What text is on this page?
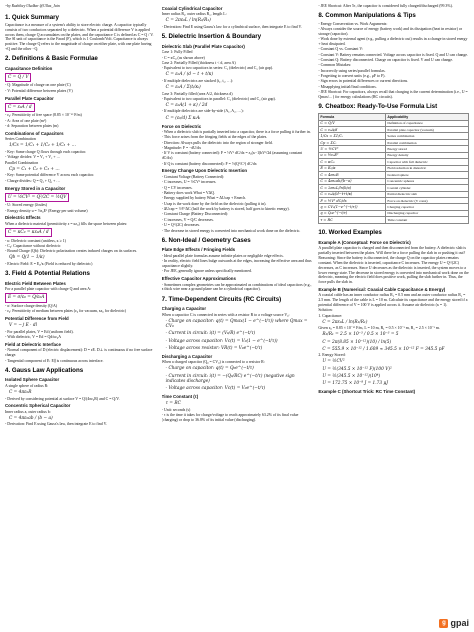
~by Rushikey Ukalkar @Ullas_Jain
1. Quick Summary
Capacitance is a measure of a system's ability to store electric charge. A capacitor typically consists of two conductors separated by a dielectric. When a potential difference V is applied across them, charge Q accumulates on the plates, and the capacitance C is defined as C = Q / V. The SI unit of capacitance is the Farad (F), which is 1 Coulomb/Volt. Capacitance is always positive. The charge Q refers to the magnitude of charge on either plate, with one plate having +Q and the other −Q.
2. Definitions & Basic Formulae
Capacitance Definition
C = Q / V
- Q: Magnitude of charge on one plate (C)
- V: Potential difference between plates (V)
Parallel Plate Capacitor
C = ε₀A / d
- ε₀: Permittivity of free space (8.85 × 10⁻¹² F/m)
- A: Area of one plate (m²)
- d: Separation between plates (m)
Combinations of Capacitors
Series Combination
1/Cs = 1/C₁ + 1/C₂ + 1/C₃ + …
- Key: Same charge Q flows through each capacitor.
- Voltage divides: V = V₁ + V₂ + …
Parallel Combination
Cp = C₁ + C₂ + C₃ + …
- Key: Same potential difference V across each capacitor.
- Charge divides: Q = Q₁ + Q₂ + …
Energy Stored in a Capacitor
U = ½CV² = Q²/2C = ½QV
- U: Stored energy (Joules)
- Energy density u = ½ε₀E² (Energy per unit volume)
Dielectric Effects
When a dielectric material (permittivity ε = κε₀) fills the space between plates:
C = κC₀ = κε₀A / d
- κ: Dielectric constant (unitless, κ ≥ 1)
- C₀: Capacitance without dielectric
- Bound Charge (Qb): Dielectric polarization creates induced charges on its surfaces.
Qb = Q(1 − 1/κ)
- Electric Field: E = E₀/κ (Field is reduced by dielectric)
3. Field & Potential Relations
Electric Field Between Plates
For a parallel plate capacitor with charge Q and area A:
E = σ/ε₀ = Q/ε₀A
- σ: Surface charge density (Q/A)
- ε₀: Permittivity of medium between plates (ε₀ for vacuum, κε₀ for dielectric)
Potential Difference from Field
V = −∫ E · dl
- For parallel plates, V = Ed (uniform field).
- With dielectric, V = Ed = Qd/κε₀A
Field at Dielectric Interface
- Normal component of D (electric displacement): D = εE. D⊥ is continuous if no free surface charge.
- Tangential component of E: E∥ is continuous across interface.
4. Gauss Law Applications
Isolated Sphere Capacitor
A single sphere of radius R:
C = 4πε₀R
- Derived by considering potential at surface V = Q/(4πε₀R) and C = Q/V.
Concentric Spherical Capacitor
Inner radius a, outer radius b:
C = 4πε₀ab / (b − a)
- Derivation: Find E using Gauss's law, then integrate E to find V.
Coaxial Cylindrical Capacitor
Inner radius R₁, outer radius R₂, length L:
C = 2πε₀L / ln(R₂/R₁)
- Derivation: Find E using Gauss's law for a cylindrical surface, then integrate E to find V.
5. Dielectric Insertion & Boundary
Dielectric Slab (Parallel Plate Capacitor)
Case 1: Fully Filled
- C = κC₀ (as shown above)
Case 2: Partially Filled (thickness t < d, area A)
- Equivalent to two capacitors in series: C₁ (dielectric) and C₂ (air gap).
C = ε₀A / (d − t + t/κ)
- If multiple dielectrics are stacked (t₁, t₂, …):
C = ε₀A / Σ(tᵢ/κᵢ)
Case 3: Partially filled (area A/2, thickness d)
- Equivalent to two capacitors in parallel: C₁ (dielectric) and C₂ (air gap).
C = ε₀A(1 + κ) / 2d
- If multiple dielectrics are side-by-side (A₁, A₂, …):
C = (ε₀/d) Σ κᵢAᵢ
Force on Dielectric
- When a dielectric slab is partially inserted into a capacitor, there is a force pulling it further in.
- This force arises from the fringing fields at the edges of the plates.
- Direction: Always pulls the dielectric into the region of stronger field.
- Magnitude: F = −dU/dx
- If V is constant (battery connected): F = ½V² dC/dx = ε₀(κ−1)bV²/2d (assuming constant dC/dx)
- If Q is constant (battery disconnected): F = ½(Q²/C²) dC/dx
Energy Change Upon Dielectric Insertion
- Constant Voltage (Battery Connected):
- C increases, U = ½CV² increases.
- Q = CV increases.
- Battery does work Wbat = VΔQ.
- Energy supplied by battery Wbat = ΔUcap + Emech.
- Ucap is the work done by the field on the dielectric (pulling it in).
- ΔUcap = ½V²ΔC (half the work by battery is stored, half goes to kinetic energy).
- Constant Charge (Battery Disconnected):
- C increases, V = Q/C decreases.
- U = Q²/(2C) decreases.
- The decrease in stored energy is converted into mechanical work done on the dielectric.
6. Non-Ideal / Geometry Cases
Plate Edge Effects / Fringing Fields
- Ideal parallel plate formulas assume infinite plates or negligible edge effects.
- In reality, electric field lines bulge outwards at the edges, increasing the effective area and thus capacitance slightly.
- For JEE, generally ignore unless specifically mentioned.
Effective Capacitor Approximations
- Sometimes complex geometries can be approximated as combinations of ideal capacitors (e.g., a thick wire near a ground plane can be a cylindrical capacitor).
7. Time-Dependent Circuits (RC Circuits)
Charging a Capacitor
When a capacitor C is connected in series with a resistor R to a voltage source V₀:
- Charge on capacitor: q(t) = Qmax(1 − e^(−t/τ)) where Qmax = CV₀
- Current in circuit: i(t) = (V₀/R) e^(−t/τ)
- Voltage across capacitor: Vc(t) = V₀(1 − e^(−t/τ))
- Voltage across resistor: VR(t) = V₀e^(−t/τ)
Discharging a Capacitor
When a charged capacitor (Q₀ = CV₀) is connected to a resistor R:
- Charge on capacitor: q(t) = Q₀e^(−t/τ)
- Current in circuit: i(t) = −(Q₀/RC) e^(−t/τ) (negative sign indicates discharge)
- Voltage across capacitor: Vc(t) = V₀e^(−t/τ)
Time Constant (τ)
τ = RC
- Unit: seconds (s)
- τ is the time it takes for charge/voltage to reach approximately 63.2% of its final value (charging) or drop to 36.8% of its initial value (discharging).
- JEE Shortcut: After 5τ, the capacitor is considered fully charged/discharged (99.3%).
8. Common Manipulations & Tips
- Energy Conservation vs. Work Arguments:
- Always consider the source of energy (battery work) and its dissipation (heat in resistor) or storage (capacitor).
- Work done by external agent (e.g., pulling a dielectric out) results in a change in stored energy + heat dissipated.
- Constant Q vs. Constant V:
- Constant V: Battery remains connected. Voltage across capacitor is fixed. Q and U can change.
- Constant Q: Battery disconnected. Charge on capacitor is fixed. V and U can change.
- Common Mistakes:
- Incorrectly using series/parallel formulas.
- Forgetting to convert units (e.g., μF to F).
- Sign errors in potential differences or current directions.
- Misapplying initial/final conditions.
- JEE Shortcut: For capacitors, always recall that charging is the current determination (i.e., U = Qmax/... ) for energy calculations (RC circuits).
9. Cheatbox: Ready-To-Use Formula List
Formula	Applicability
C = Q/V	Definition of capacitance
C = ε₀A/d	Parallel plate capacitor (vacuum)
1/Cs = Σ1/Cᵢ	Series combination
Cp = ΣCᵢ	Parallel combination
U = ½CV²	Energy stored
u = ½ε₀E²	Energy density
C = κC₀	Capacitor with full dielectric
E = E₀/κ	Field reduction in dielectric
C = 4πε₀R	Isolated sphere
C = 4πε₀ab/(b−a)	Concentric spheres
C = 2πε₀L/ln(b/a)	Coaxial cylinder
C = ε₀A/(d−t+t/κ)	Partial dielectric slab
F = ½V² dC/dx	Force on dielectric (V const)
q = CV₀(1−e^(−t/τ))	Charging capacitor
q = Q₀e^(−t/τ)	Discharging capacitor
τ = RC	Time constant
10. Worked Examples
Example A (Conceptual: Force on Dielectric)
A parallel plate capacitor is charged and then disconnected from the battery. A dielectric slab is partially inserted between the plates. Will there be a force pulling the slab in or pushing it out?
Reasoning: Since the battery is disconnected, the charge Q on the capacitor plates remains constant. When the dielectric is inserted, capacitance C increases. The energy U = Q²/(2C) decreases, as C increases. Since U decreases as the dielectric is inserted, the system moves to a lower energy state. The decrease in stored energy is converted into mechanical work done on the dielectric, meaning the electric field does positive work, pulling the slab further in. Thus, the force pulls the slab in.
Example B (Numerical: Coaxial Cable Capacitance & Energy)
A coaxial cable has an inner conductor radius R₁ = 0.5 mm and an outer conductor radius R₂ = 2.5 mm. The length of the cable is L = 10 m. Calculate its capacitance and the energy stored if a potential difference of V = 100 V is applied across it. Assume air dielectric (κ = 1).
Solution:
1. Capacitance:
C = 2πε₀L / ln(R₂/R₁)
Given ε₀ = 8.85 × 10⁻¹² F/m, L = 10 m, R₁ = 0.5 × 10⁻³ m, R₂ = 2.5 × 10⁻³ m.
R₂/R₁ = 2.5 × 10⁻³ / 0.5 × 10⁻³ = 5
C = 2π(8.85 × 10⁻¹²)(10) / ln(5)
C = 555.9 × 10⁻¹² / 1.609 ≈ 345.5 × 10⁻¹² F = 345.5 pF
2. Energy Stored:
U = ½CV²
U = ½(345.5 × 10⁻¹² F)(100 V)²
U = ½(345.5 × 10⁻¹²)(10⁴)
U = 172.75 × 10⁻⁸ J = 1.73 μJ
Example C (Shortcut Trick: RC Time Constant)
g gpai
